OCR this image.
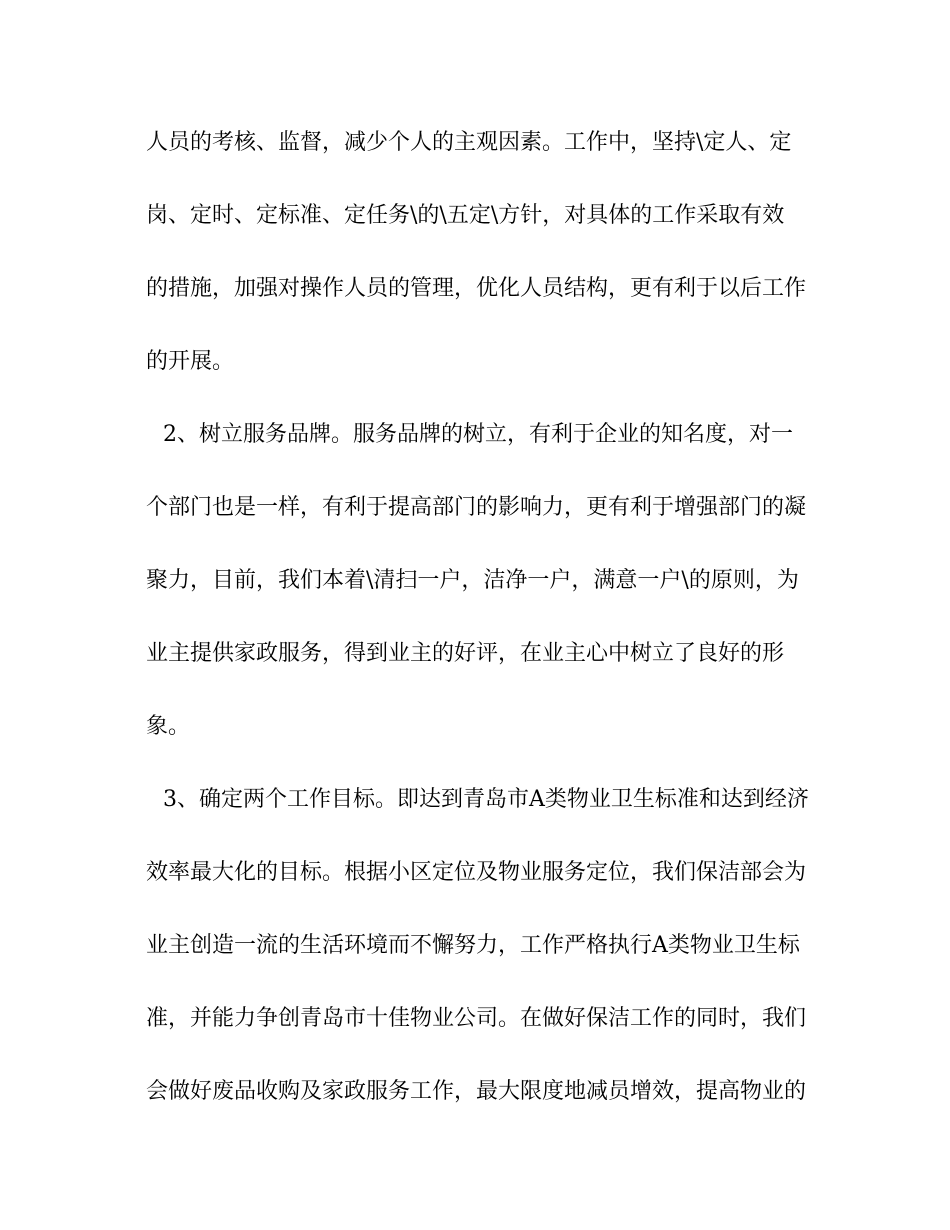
人员的考核、监督，减少个人的主观因素。工作中，坚持\定人、定
岗、定时、定标准、定任务\的\五定\方针，对具体的工作采取有效
的措施，加强对操作人员的管理，优化人员结构，更有利于以后工作
的开展。
2、树立服务品牌。服务品牌的树立，有利于企业的知名度，对一
个部门也是一样，有利于提高部门的影响力，更有利于增强部门的凝
聚力，目前，我们本着\清扫一户，洁净一户，满意一户\的原则，为
业主提供家政服务，得到业主的好评，在业主心中树立了良好的形
象。
3、确定两个工作目标。即达到青岛市A类物业卫生标准和达到经济
效率最大化的目标。根据小区定位及物业服务定位，我们保洁部会为
业主创造一流的生活环境而不懈努力，工作严格执行A类物业卫生标
准，并能力争创青岛市十佳物业公司。在做好保洁工作的同时，我们
会做好废品收购及家政服务工作，最大限度地减员增效，提高物业的
